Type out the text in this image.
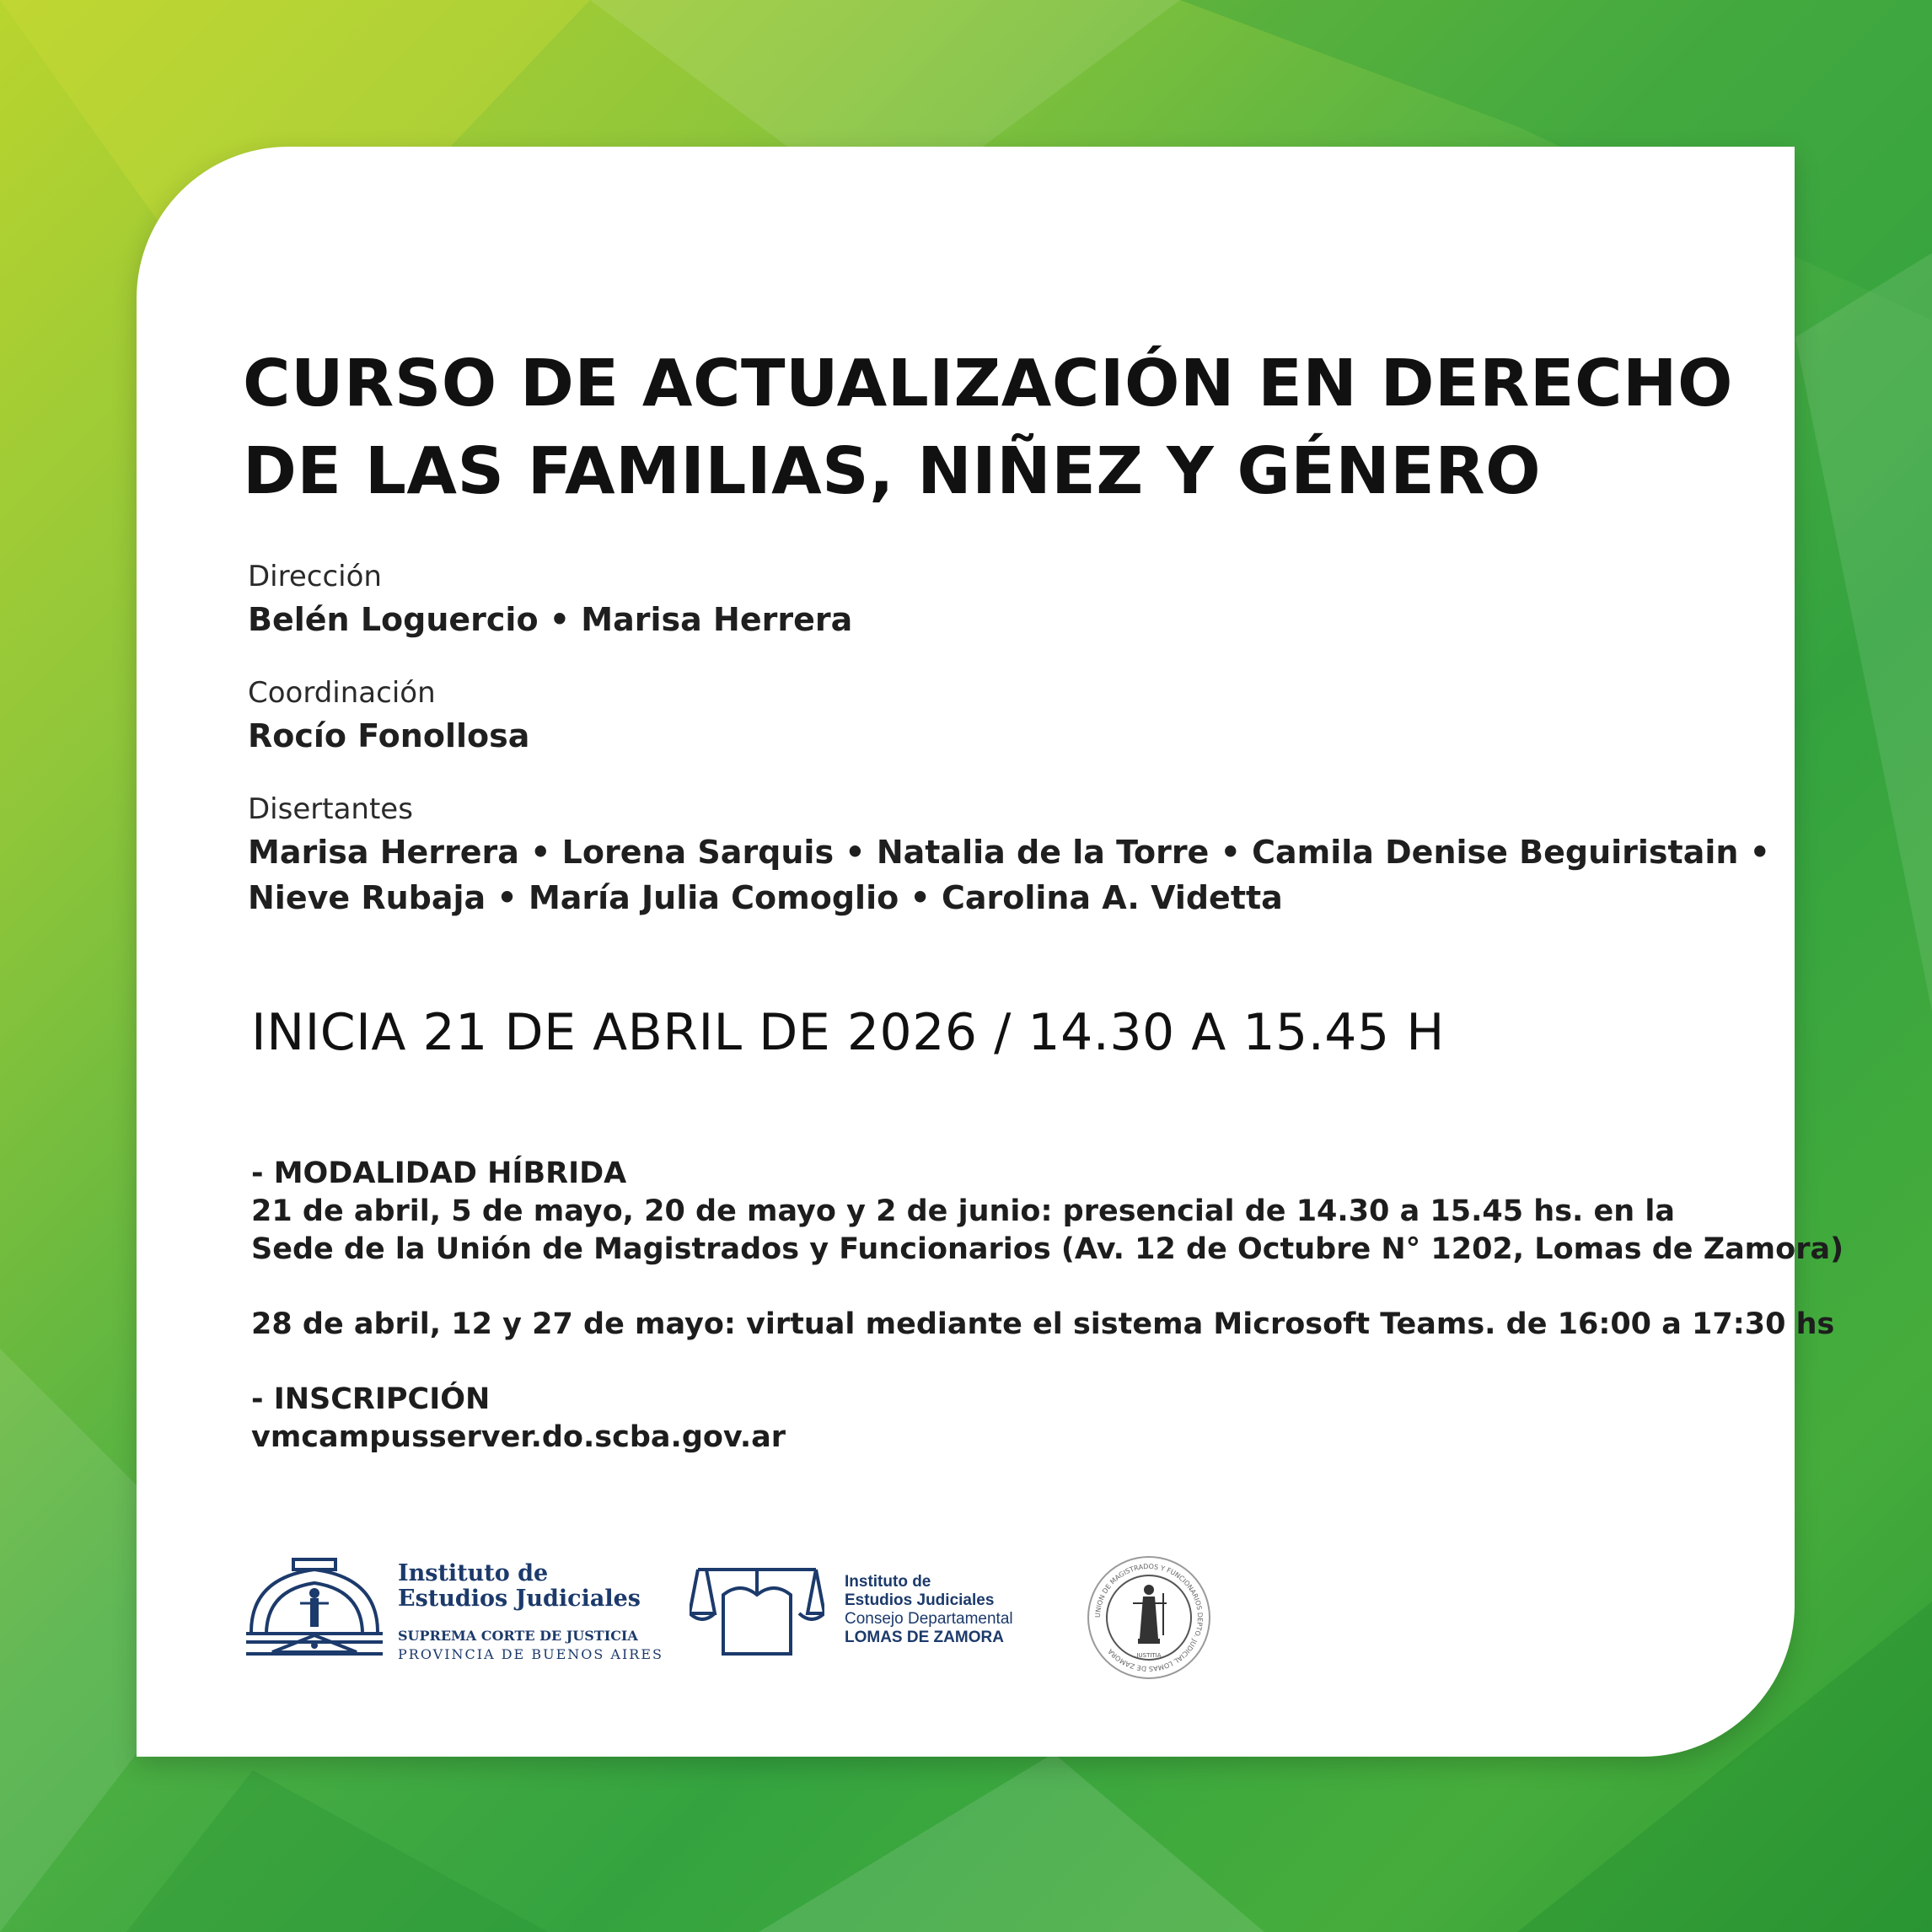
CURSO DE ACTUALIZACIÓN EN DERECHO
DE LAS FAMILIAS, NIÑEZ Y GÉNERO
Dirección
Belén Loguercio • Marisa Herrera
Coordinación
Rocío Fonollosa
Disertantes
Marisa Herrera • Lorena Sarquis • Natalia de la Torre • Camila Denise Beguiristain •
Nieve Rubaja • María Julia Comoglio • Carolina A. Videtta
INICIA 21 DE ABRIL DE 2026 / 14.30 A 15.45 H
- MODALIDAD HÍBRIDA
21 de abril, 5 de mayo, 20 de mayo y 2 de junio: presencial de 14.30 a 15.45 hs. en la
Sede de la Unión de Magistrados y Funcionarios (Av. 12 de Octubre N° 1202, Lomas de Zamora)
28 de abril, 12 y 27 de mayo: virtual mediante el sistema Microsoft Teams. de 16:00 a 17:30 hs
- INSCRIPCIÓN
vmcampusserver.do.scba.gov.ar
Instituto de
Estudios Judiciales
SUPREMA CORTE DE JUSTICIA
PROVINCIA DE BUENOS AIRES
Instituto de
Estudios Judiciales
Consejo Departamental
LOMAS DE ZAMORA
UNION DE MAGISTRADOS Y FUNCIONARIOS DEPTO. JUDICIAL LOMAS DE ZAMORA	IUSTITIA
